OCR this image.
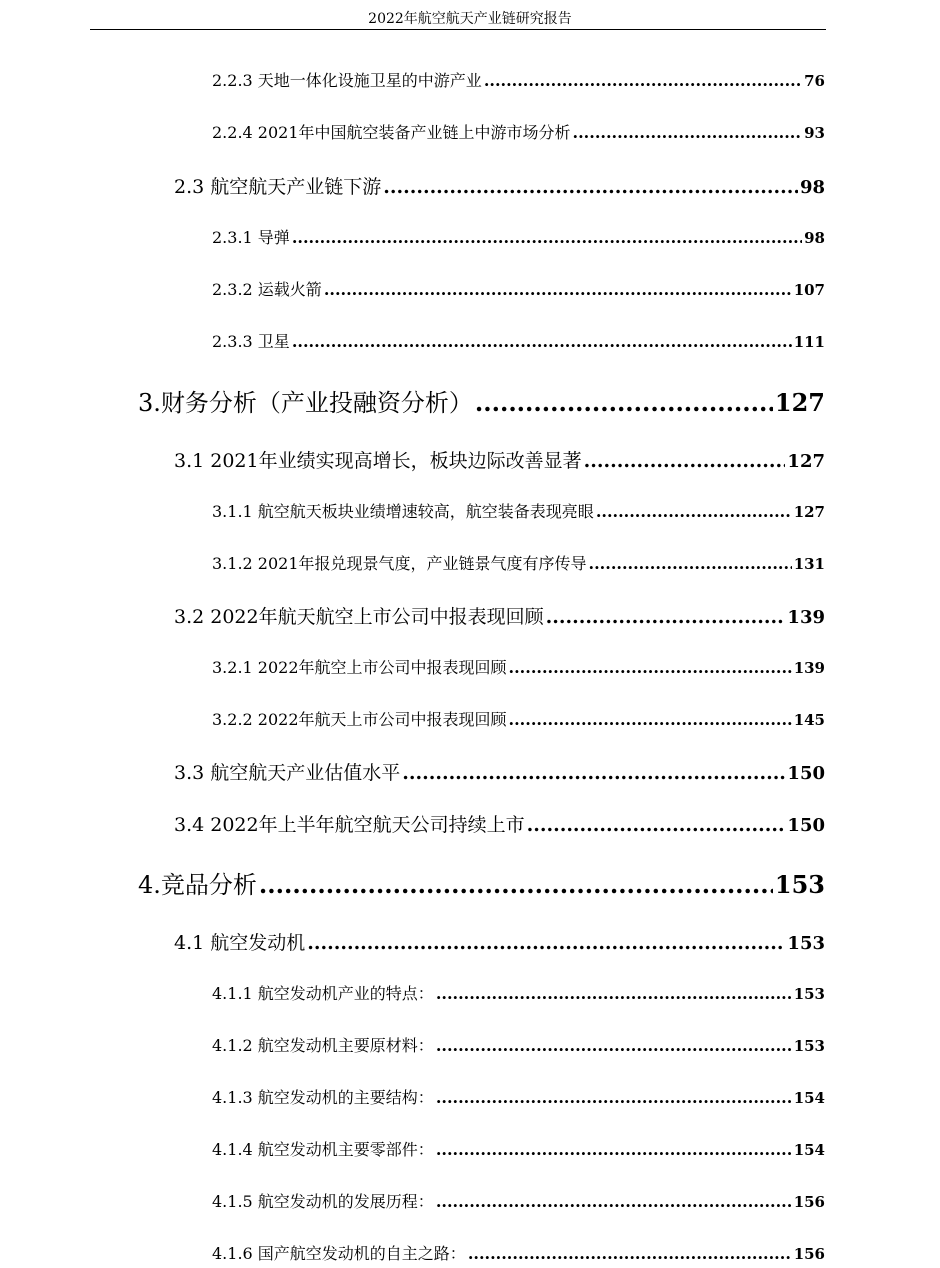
2022年航空航天产业链研究报告
2.2.3 天地一体化设施卫星的中游产业 .....	76
2.2.4 2021年中国航空装备产业链上中游市场分析 .....	93
2.3 航空航天产业链下游 .....	98
2.3.1 导弹 .....	98
2.3.2 运载火箭 .....	107
2.3.3 卫星 .....	111
3.财务分析（产业投融资分析） .....	127
3.1 2021年业绩实现高增长，板块边际改善显著 .....	127
3.1.1 航空航天板块业绩增速较高，航空装备表现亮眼 .....	127
3.1.2 2021年报兑现景气度，产业链景气度有序传导 .....	131
3.2 2022年航天航空上市公司中报表现回顾 .....	139
3.2.1 2022年航空上市公司中报表现回顾 .....	139
3.2.2 2022年航天上市公司中报表现回顾 .....	145
3.3 航空航天产业估值水平 .....	150
3.4 2022年上半年航空航天公司持续上市 .....	150
4.竞品分析 .....	153
4.1 航空发动机 .....	153
4.1.1 航空发动机产业的特点： .....	153
4.1.2 航空发动机主要原材料： .....	153
4.1.3 航空发动机的主要结构： .....	154
4.1.4 航空发动机主要零部件： .....	154
4.1.5 航空发动机的发展历程： .....	156
4.1.6 国产航空发动机的自主之路： .....	156
